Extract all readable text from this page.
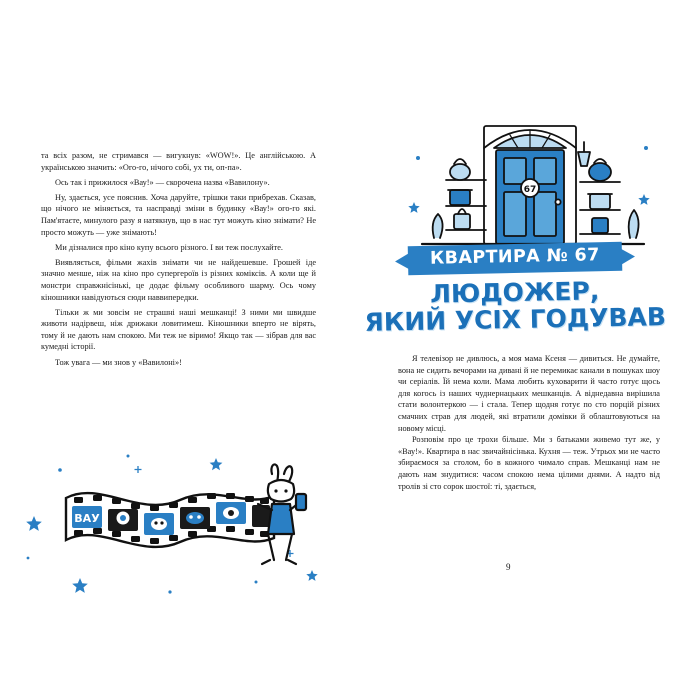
та всіх разом, не стримався — вигукнув: «WOW!». Це англійською. А українською значить: «Ого-го, нічого собі, ух ти, оп-па».

Ось так і прижилося «Вау!» — скорочена назва «Вавилону».

Ну, здається, усе пояснив. Хоча даруйте, трішки таки прибрехав. Сказав, що нічого не міняється, та насправді зміни в будинку «Вау!» ого-го які. Пам'ятаєте, минулого разу я натякнув, що в нас тут можуть кіно знімати? Не просто можуть — уже знімають!

Ми дізналися про кіно купу всього різного. І ви теж послухайте.

Виявляється, фільми жахів знімати чи не найдешевше. Грошей іде значно менше, ніж на кіно про супергероїв із різних коміксів. А коли ще й монстри справжнісінькі, це додає фільму особливого шарму. Ось чому кіношники навідуються сюди наввипередки.

Тільки ж ми зовсім не страшні наші мешканці! З ними ми швидше животи надірвеш, ніж дрижаки ловитимеш. Кіношники вперто не вірять, тому й не дають нам спокою. Ми теж не віримо! Якщо так — зібрав для вас кумедні історії.

Тож увага — ми знов у «Вавилоні»!

ВАУ
67
КВАРТИРА № 67
ЛЮДОЖЕР,
ЯКИЙ УСІХ ГОДУВАВ

Я телевізор не дивлюсь, а моя мама Ксеня — дивиться. Не думайте, вона не сидить вечорами на дивані й не перемикає канали в пошуках шоу чи серіалів. Їй нема коли. Мама любить куховарити й часто готує щось для когось із наших чуднернацьких мешканців. А віднедавна вирішила стати волонтеркою — і стала. Тепер щодня готує по сто порцій різних смачних страв для людей, які втратили домівки й облаштовуються на новому місці.

Розповім про це трохи більше. Ми з батьками живемо тут же, у «Вау!». Квартира в нас звичайнісінька. Кухня — теж. Утрьох ми не часто збираємося за столом, бо в кожного чимало справ. Мешканці нам не дають нам знудитися: часом спокою нема цілими днями. А надто від тролів зі сто сорок шостої: ті, здається,

9
